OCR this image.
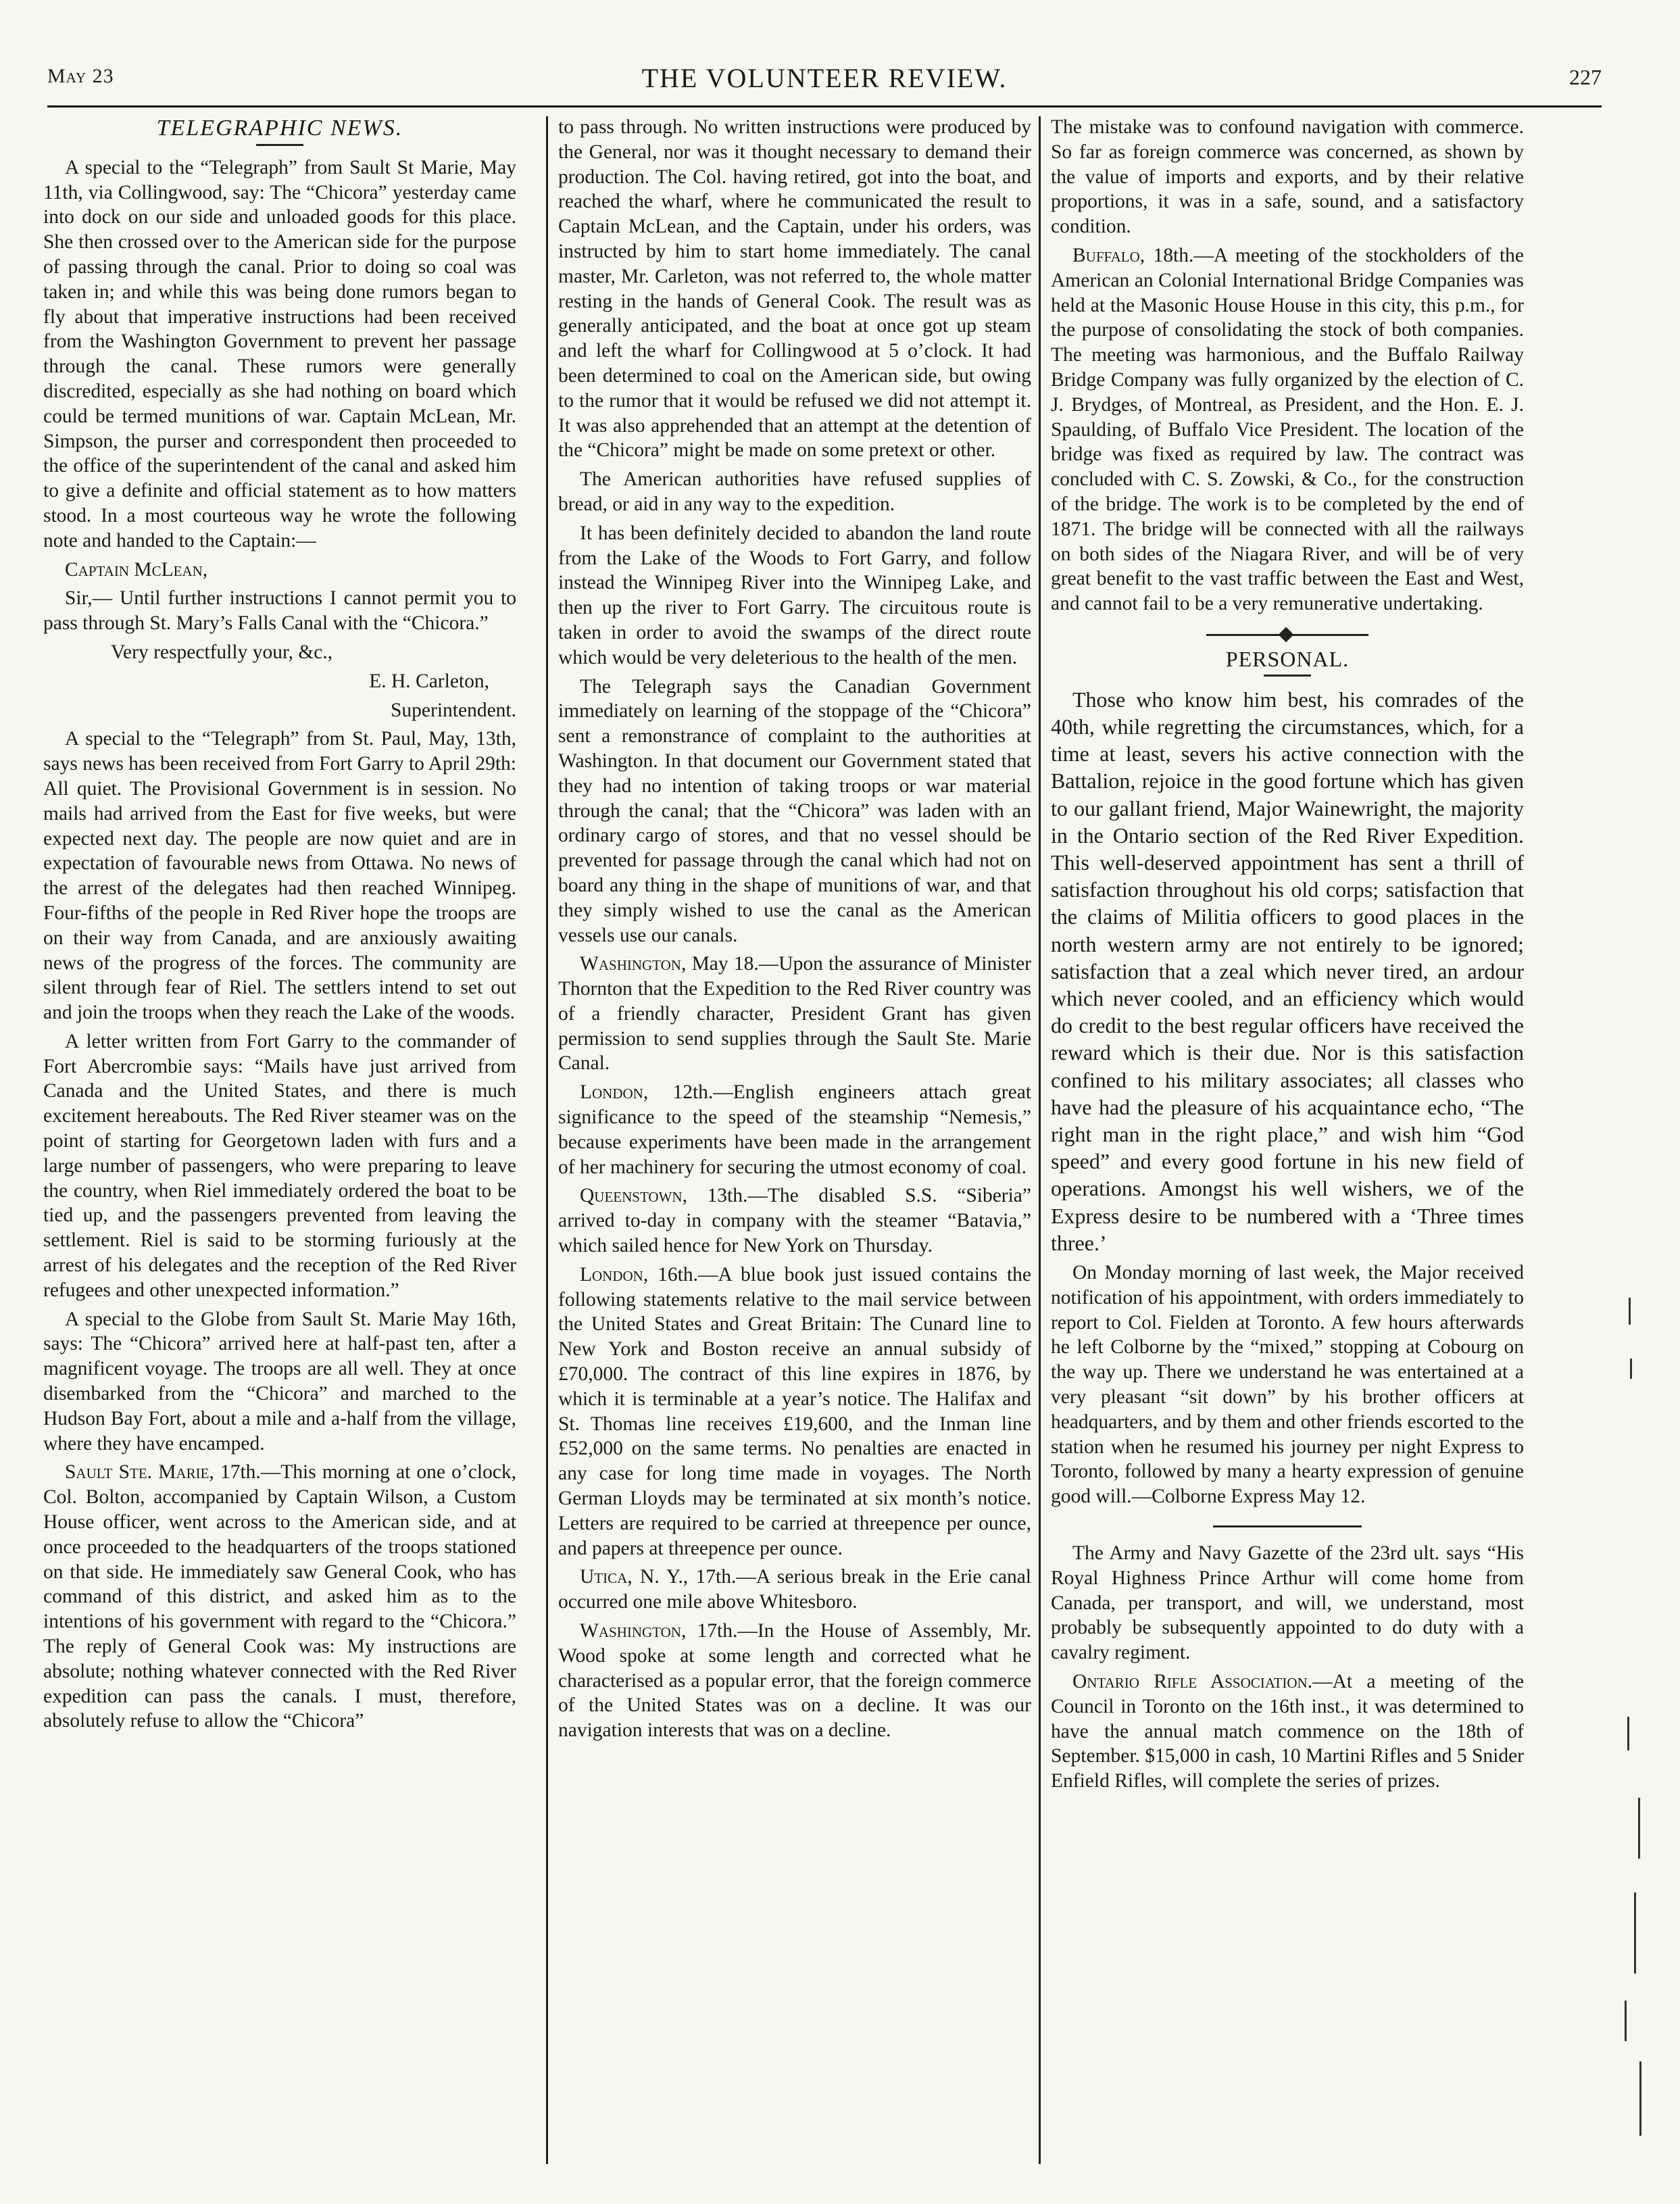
May 23	THE VOLUNTEER REVIEW.	227
TELEGRAPHIC NEWS.

A special to the “Telegraph” from Sault St Marie, May 11th, via Collingwood, say: The “Chicora” yesterday came into dock on our side and unloaded goods for this place. She then crossed over to the American side for the purpose of passing through the canal. Prior to doing so coal was taken in; and while this was being done rumors began to fly about that imperative instructions had been received from the Washington Government to prevent her passage through the canal. These rumors were generally discredited, especially as she had nothing on board which could be termed munitions of war. Captain McLean, Mr. Simpson, the purser and correspondent then proceeded to the office of the superintendent of the canal and asked him to give a definite and official statement as to how matters stood. In a most courteous way he wrote the following note and handed to the Captain:—

Captain McLean,

Sir,— Until further instructions I cannot permit you to pass through St. Mary’s Falls Canal with the “Chicora.”

Very respectfully your, &c.,

E. H. Carleton,

Superintendent.

A special to the “Telegraph” from St. Paul, May, 13th, says news has been received from Fort Garry to April 29th: All quiet. The Provisional Government is in session. No mails had arrived from the East for five weeks, but were expected next day. The people are now quiet and are in expectation of favourable news from Ottawa. No news of the arrest of the delegates had then reached Winnipeg. Four-fifths of the people in Red River hope the troops are on their way from Canada, and are anxiously awaiting news of the progress of the forces. The community are silent through fear of Riel. The settlers intend to set out and join the troops when they reach the Lake of the woods.

A letter written from Fort Garry to the commander of Fort Abercrombie says: “Mails have just arrived from Canada and the United States, and there is much excitement hereabouts. The Red River steamer was on the point of starting for Georgetown laden with furs and a large number of passengers, who were preparing to leave the country, when Riel immediately ordered the boat to be tied up, and the passengers prevented from leaving the settlement. Riel is said to be storming furiously at the arrest of his delegates and the reception of the Red River refugees and other unexpected information.”

A special to the Globe from Sault St. Marie May 16th, says: The “Chicora” arrived here at half-past ten, after a magnificent voyage. The troops are all well. They at once disembarked from the “Chicora” and marched to the Hudson Bay Fort, about a mile and a-half from the village, where they have encamped.

Sault Ste. Marie, 17th.—This morning at one o’clock, Col. Bolton, accompanied by Captain Wilson, a Custom House officer, went across to the American side, and at once proceeded to the headquarters of the troops stationed on that side. He immediately saw General Cook, who has command of this district, and asked him as to the intentions of his government with regard to the “Chicora.” The reply of General Cook was: My instructions are absolute; nothing whatever connected with the Red River expedition can pass the canals. I must, therefore, absolutely refuse to allow the “Chicora”

to pass through. No written instructions were produced by the General, nor was it thought necessary to demand their production. The Col. having retired, got into the boat, and reached the wharf, where he communicated the result to Captain McLean, and the Captain, under his orders, was instructed by him to start home immediately. The canal master, Mr. Carleton, was not referred to, the whole matter resting in the hands of General Cook. The result was as generally anticipated, and the boat at once got up steam and left the wharf for Collingwood at 5 o’clock. It had been determined to coal on the American side, but owing to the rumor that it would be refused we did not attempt it. It was also apprehended that an attempt at the detention of the “Chicora” might be made on some pretext or other.

The American authorities have refused supplies of bread, or aid in any way to the expedition.

It has been definitely decided to abandon the land route from the Lake of the Woods to Fort Garry, and follow instead the Winnipeg River into the Winnipeg Lake, and then up the river to Fort Garry. The circuitous route is taken in order to avoid the swamps of the direct route which would be very deleterious to the health of the men.

The Telegraph says the Canadian Government immediately on learning of the stoppage of the “Chicora” sent a remonstrance of complaint to the authorities at Washington. In that document our Government stated that they had no intention of taking troops or war material through the canal; that the “Chicora” was laden with an ordinary cargo of stores, and that no vessel should be prevented for passage through the canal which had not on board any thing in the shape of munitions of war, and that they simply wished to use the canal as the American vessels use our canals.

Washington, May 18.—Upon the assurance of Minister Thornton that the Expedition to the Red River country was of a friendly character, President Grant has given permission to send supplies through the Sault Ste. Marie Canal.

London, 12th.—English engineers attach great significance to the speed of the steamship “Nemesis,” because experiments have been made in the arrangement of her machinery for securing the utmost economy of coal.

Queenstown, 13th.—The disabled S.S. “Siberia” arrived to-day in company with the steamer “Batavia,” which sailed hence for New York on Thursday.

London, 16th.—A blue book just issued contains the following statements relative to the mail service between the United States and Great Britain: The Cunard line to New York and Boston receive an annual subsidy of £70,000. The contract of this line expires in 1876, by which it is terminable at a year’s notice. The Halifax and St. Thomas line receives £19,600, and the Inman line £52,000 on the same terms. No penalties are enacted in any case for long time made in voyages. The North German Lloyds may be terminated at six month’s notice. Letters are required to be carried at threepence per ounce, and papers at threepence per ounce.

Utica, N. Y., 17th.—A serious break in the Erie canal occurred one mile above Whitesboro.

Washington, 17th.—In the House of Assembly, Mr. Wood spoke at some length and corrected what he characterised as a popular error, that the foreign commerce of the United States was on a decline. It was our navigation interests that was on a decline.

The mistake was to confound navigation with commerce. So far as foreign commerce was concerned, as shown by the value of imports and exports, and by their relative proportions, it was in a safe, sound, and a satisfactory condition.

Buffalo, 18th.—A meeting of the stockholders of the American an Colonial International Bridge Companies was held at the Masonic House House in this city, this p.m., for the purpose of consolidating the stock of both companies. The meeting was harmonious, and the Buffalo Railway Bridge Company was fully organized by the election of C. J. Brydges, of Montreal, as President, and the Hon. E. J. Spaulding, of Buffalo Vice President. The location of the bridge was fixed as required by law. The contract was concluded with C. S. Zowski, & Co., for the construction of the bridge. The work is to be completed by the end of 1871. The bridge will be connected with all the railways on both sides of the Niagara River, and will be of very great benefit to the vast traffic between the East and West, and cannot fail to be a very remunerative undertaking.

PERSONAL.

Those who know him best, his comrades of the 40th, while regretting the circumstances, which, for a time at least, severs his active connection with the Battalion, rejoice in the good fortune which has given to our gallant friend, Major Wainewright, the majority in the Ontario section of the Red River Expedition. This well-deserved appointment has sent a thrill of satisfaction throughout his old corps; satisfaction that the claims of Militia officers to good places in the north western army are not entirely to be ignored; satisfaction that a zeal which never tired, an ardour which never cooled, and an efficiency which would do credit to the best regular officers have received the reward which is their due. Nor is this satisfaction confined to his military associates; all classes who have had the pleasure of his acquaintance echo, “The right man in the right place,” and wish him “God speed” and every good fortune in his new field of operations. Amongst his well wishers, we of the Express desire to be numbered with a ‘Three times three.’

On Monday morning of last week, the Major received notification of his appointment, with orders immediately to report to Col. Fielden at Toronto. A few hours afterwards he left Colborne by the “mixed,” stopping at Cobourg on the way up. There we understand he was entertained at a very pleasant “sit down” by his brother officers at headquarters, and by them and other friends escorted to the station when he resumed his journey per night Express to Toronto, followed by many a hearty expression of genuine good will.—Colborne Express May 12.

The Army and Navy Gazette of the 23rd ult. says “His Royal Highness Prince Arthur will come home from Canada, per transport, and will, we understand, most probably be subsequently appointed to do duty with a cavalry regiment.

Ontario Rifle Association.—At a meeting of the Council in Toronto on the 16th inst., it was determined to have the annual match commence on the 18th of September. $15,000 in cash, 10 Martini Rifles and 5 Snider Enfield Rifles, will complete the series of prizes.
